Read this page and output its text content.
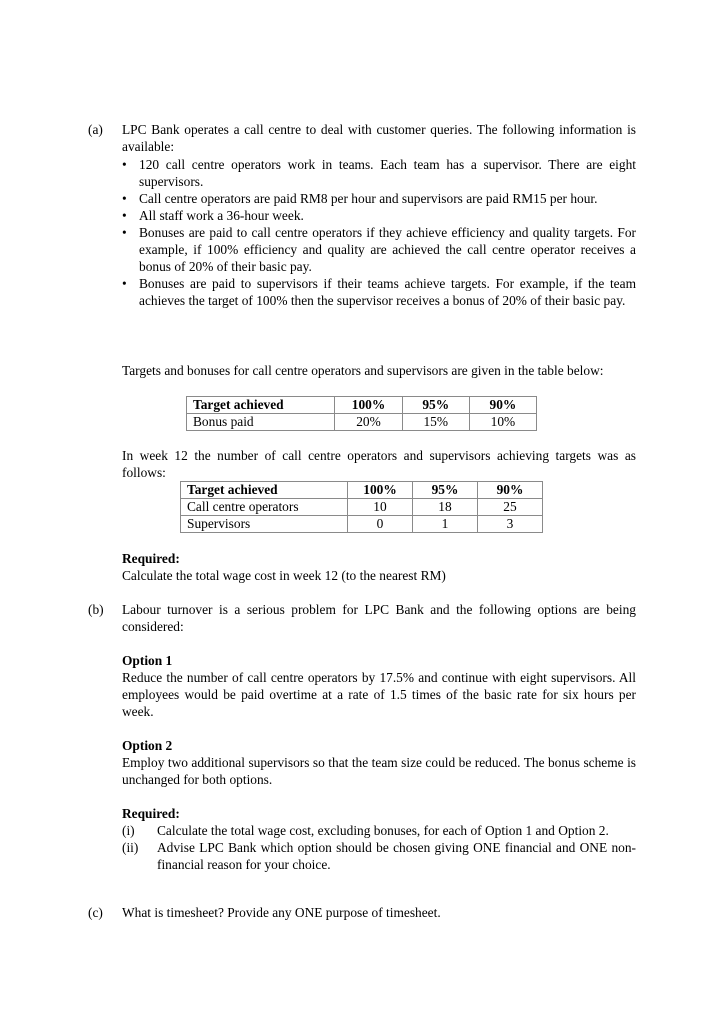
(a)	LPC Bank operates a call centre to deal with customer queries. The following information is available:

• 120 call centre operators work in teams. Each team has a supervisor. There are eight supervisors.
• Call centre operators are paid RM8 per hour and supervisors are paid RM15 per hour.
• All staff work a 36-hour week.
• Bonuses are paid to call centre operators if they achieve efficiency and quality targets. For example, if 100% efficiency and quality are achieved the call centre operator receives a bonus of 20% of their basic pay.
• Bonuses are paid to supervisors if their teams achieve targets. For example, if the team achieves the target of 100% then the supervisor receives a bonus of 20% of their basic pay.

Targets and bonuses for call centre operators and supervisors are given in the table below:

Target achieved	100%	95%	90%
Bonus paid	20%	15%	10%

In week 12 the number of call centre operators and supervisors achieving targets was as follows:

Target achieved	100%	95%	90%
Call centre operators	10	18	25
Supervisors	0	1	3

Required:

Calculate the total wage cost in week 12 (to the nearest RM)

(b)	Labour turnover is a serious problem for LPC Bank and the following options are being considered:

Option 1

Reduce the number of call centre operators by 17.5% and continue with eight supervisors. All employees would be paid overtime at a rate of 1.5 times of the basic rate for six hours per week.

Option 2

Employ two additional supervisors so that the team size could be reduced. The bonus scheme is unchanged for both options.

Required:

(i) Calculate the total wage cost, excluding bonuses, for each of Option 1 and Option 2.
(ii) Advise LPC Bank which option should be chosen giving ONE financial and ONE non-financial reason for your choice.
(c)	What is timesheet? Provide any ONE purpose of timesheet.
